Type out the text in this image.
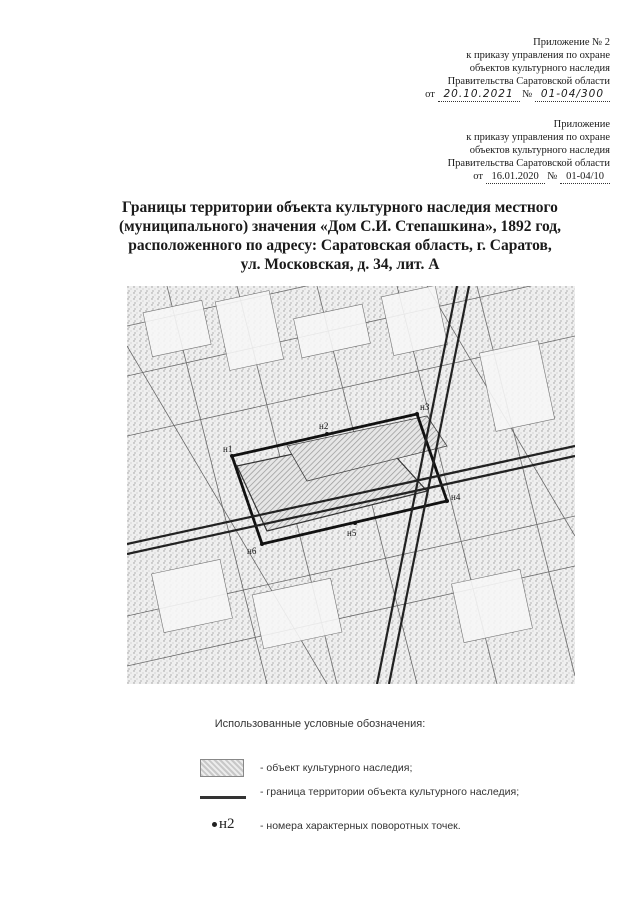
Приложение № 2
к приказу управления по охране
объектов культурного наследия
Правительства Саратовской области
от 20.10.2021 № 01-04/300
Приложение
к приказу управления по охране
объектов культурного наследия
Правительства Саратовской области
от 16.01.2020 № 01-04/10
Границы территории объекта культурного наследия местного
(муниципального) значения «Дом С.И. Степашкина», 1892 год,
расположенного по адресу: Саратовская область, г. Саратов,
ул. Московская, д. 34, лит. А
н1
н2
н3
н4
н5
н6
Использованные условные обозначения:
- объект культурного наследия;
- граница территории объекта культурного наследия;
н2 - номера характерных поворотных точек.
